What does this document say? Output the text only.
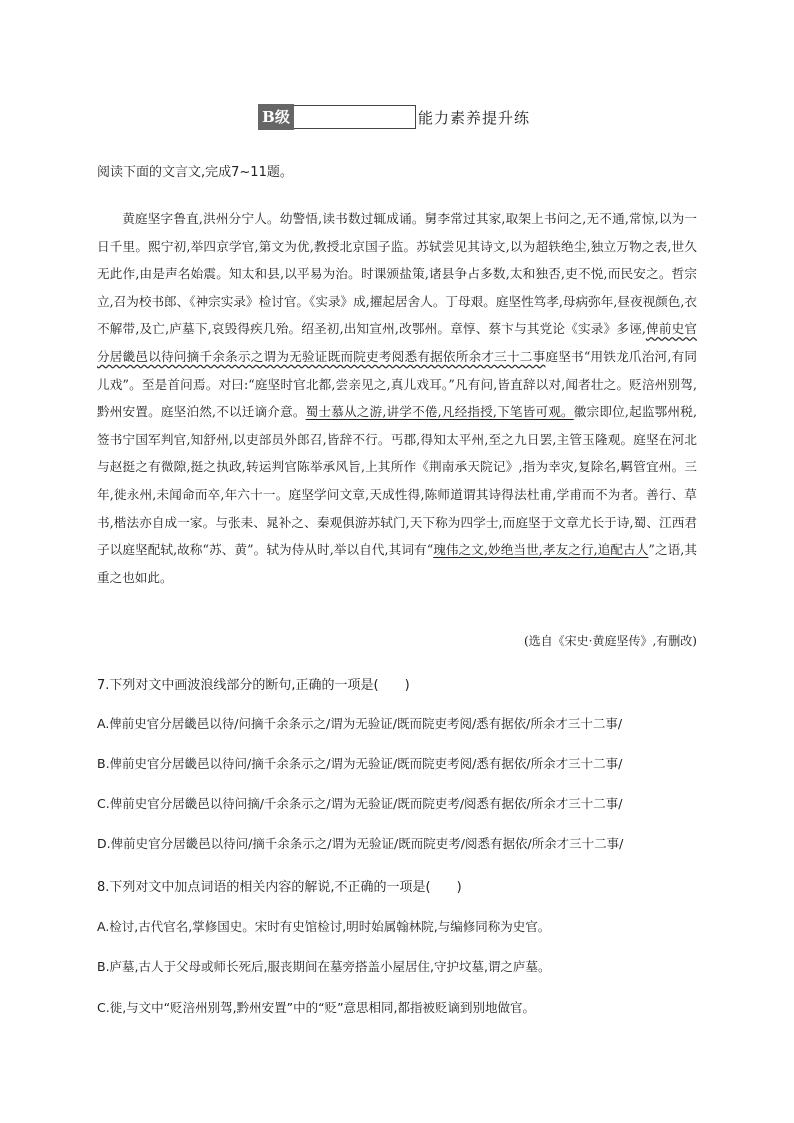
B级	能力素养提升练
阅读下面的文言文,完成7~11题。

黄庭坚字鲁直,洪州分宁人。幼警悟,读书数过辄成诵。舅李常过其家,取架上书问之,无不通,常惊,以为一日千里。熙宁初,举四京学官,第文为优,教授北京国子监。苏轼尝见其诗文,以为超轶绝尘,独立万物之表,世久无此作,由是声名始震。知太和县,以平易为治。时课颁盐策,诸县争占多数,太和独否,吏不悦,而民安之。哲宗立,召为校书郎、《神宗实录》检讨官。《实录》成,擢起居舍人。丁母艰。庭坚性笃孝,母病弥年,昼夜视颜色,衣不解带,及亡,庐墓下,哀毁得疾几殆。绍圣初,出知宣州,改鄂州。章惇、蔡卞与其党论《实录》多诬,俾前史官分居畿邑以待问摘千余条示之谓为无验证既而院吏考阅悉有据依所余才三十二事庭坚书“用铁龙爪治河,有同儿戏”。至是首问焉。对曰:“庭坚时官北都,尝亲见之,真儿戏耳。”凡有问,皆直辞以对,闻者壮之。贬涪州别驾,黔州安置。庭坚泊然,不以迁谪介意。蜀士慕从之游,讲学不倦,凡经指授,下笔皆可观。徽宗即位,起监鄂州税,签书宁国军判官,知舒州,以吏部员外郎召,皆辞不行。丐郡,得知太平州,至之九日罢,主管玉隆观。庭坚在河北与赵挺之有微隙,挺之执政,转运判官陈举承风旨,上其所作《荆南承天院记》,指为幸灾,复除名,羁管宜州。三年,徙永州,未闻命而卒,年六十一。庭坚学问文章,天成性得,陈师道谓其诗得法杜甫,学甫而不为者。善行、草书,楷法亦自成一家。与张耒、晁补之、秦观俱游苏轼门,天下称为四学士,而庭坚于文章尤长于诗,蜀、江西君子以庭坚配轼,故称“苏、黄”。轼为侍从时,举以自代,其词有“瑰伟之文,妙绝当世,孝友之行,追配古人”之语,其重之也如此。

(选自《宋史·黄庭坚传》,有删改)
7.下列对文中画波浪线部分的断句,正确的一项是(　　)
A.俾前史官分居畿邑以待/问摘千余条示之/谓为无验证/既而院吏考阅/悉有据依/所余才三十二事/
B.俾前史官分居畿邑以待问/摘千余条示之/谓为无验证/既而院吏考阅/悉有据依/所余才三十二事/
C.俾前史官分居畿邑以待问摘/千余条示之/谓为无验证/既而院吏考/阅悉有据依/所余才三十二事/
D.俾前史官分居畿邑以待问/摘千余条示之/谓为无验证/既而院吏考/阅悉有据依/所余才三十二事/
8.下列对文中加点词语的相关内容的解说,不正确的一项是(　　)
A.检讨,古代官名,掌修国史。宋时有史馆检讨,明时始属翰林院,与编修同称为史官。
B.庐墓,古人于父母或师长死后,服丧期间在墓旁搭盖小屋居住,守护坟墓,谓之庐墓。
C.徙,与文中“贬涪州别驾,黔州安置”中的“贬”意思相同,都指被贬谪到别地做官。
